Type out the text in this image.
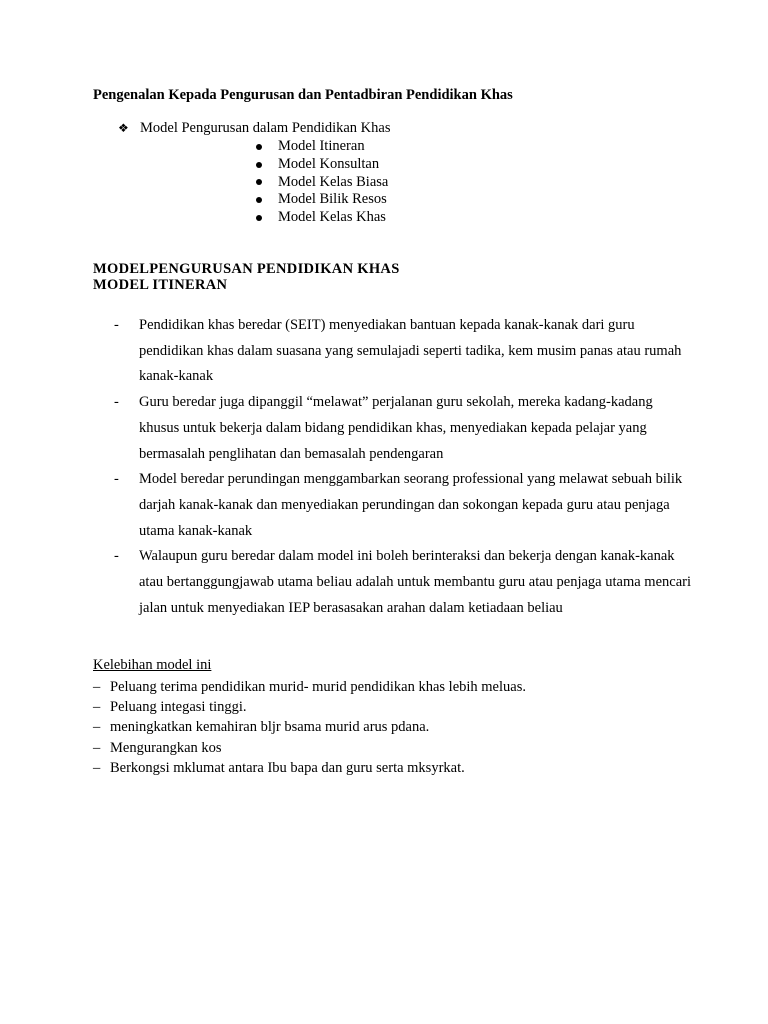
Pengenalan Kepada Pengurusan dan Pentadbiran Pendidikan Khas
❖ Model Pengurusan dalam Pendidikan Khas
Model Itineran
Model Konsultan
Model Kelas Biasa
Model Bilik Resos
Model Kelas Khas
MODELPENGURUSAN PENDIDIKAN KHAS
MODEL ITINERAN
- Pendidikan khas beredar (SEIT) menyediakan bantuan kepada kanak-kanak dari guru pendidikan khas dalam suasana yang semulajadi seperti tadika, kem musim panas atau rumah kanak-kanak
- Guru beredar juga dipanggil “melawat” perjalanan guru sekolah, mereka kadang-kadang khusus untuk bekerja dalam bidang pendidikan khas, menyediakan kepada pelajar yang bermasalah penglihatan dan bemasalah pendengaran
- Model beredar perundingan menggambarkan seorang professional yang melawat sebuah bilik darjah kanak-kanak dan menyediakan perundingan dan sokongan kepada guru atau penjaga utama kanak-kanak
- Walaupun guru beredar dalam model ini boleh berinteraksi dan bekerja dengan kanak-kanak atau bertanggungjawab utama beliau adalah untuk membantu guru atau penjaga utama mencari jalan untuk menyediakan IEP berasasakan arahan dalam ketiadaan beliau
Kelebihan model ini
– Peluang terima pendidikan murid- murid pendidikan khas lebih meluas.
– Peluang integasi tinggi.
– meningkatkan kemahiran bljr bsama murid arus pdana.
– Mengurangkan kos
– Berkongsi mklumat antara Ibu bapa dan guru serta mksyrkat.
